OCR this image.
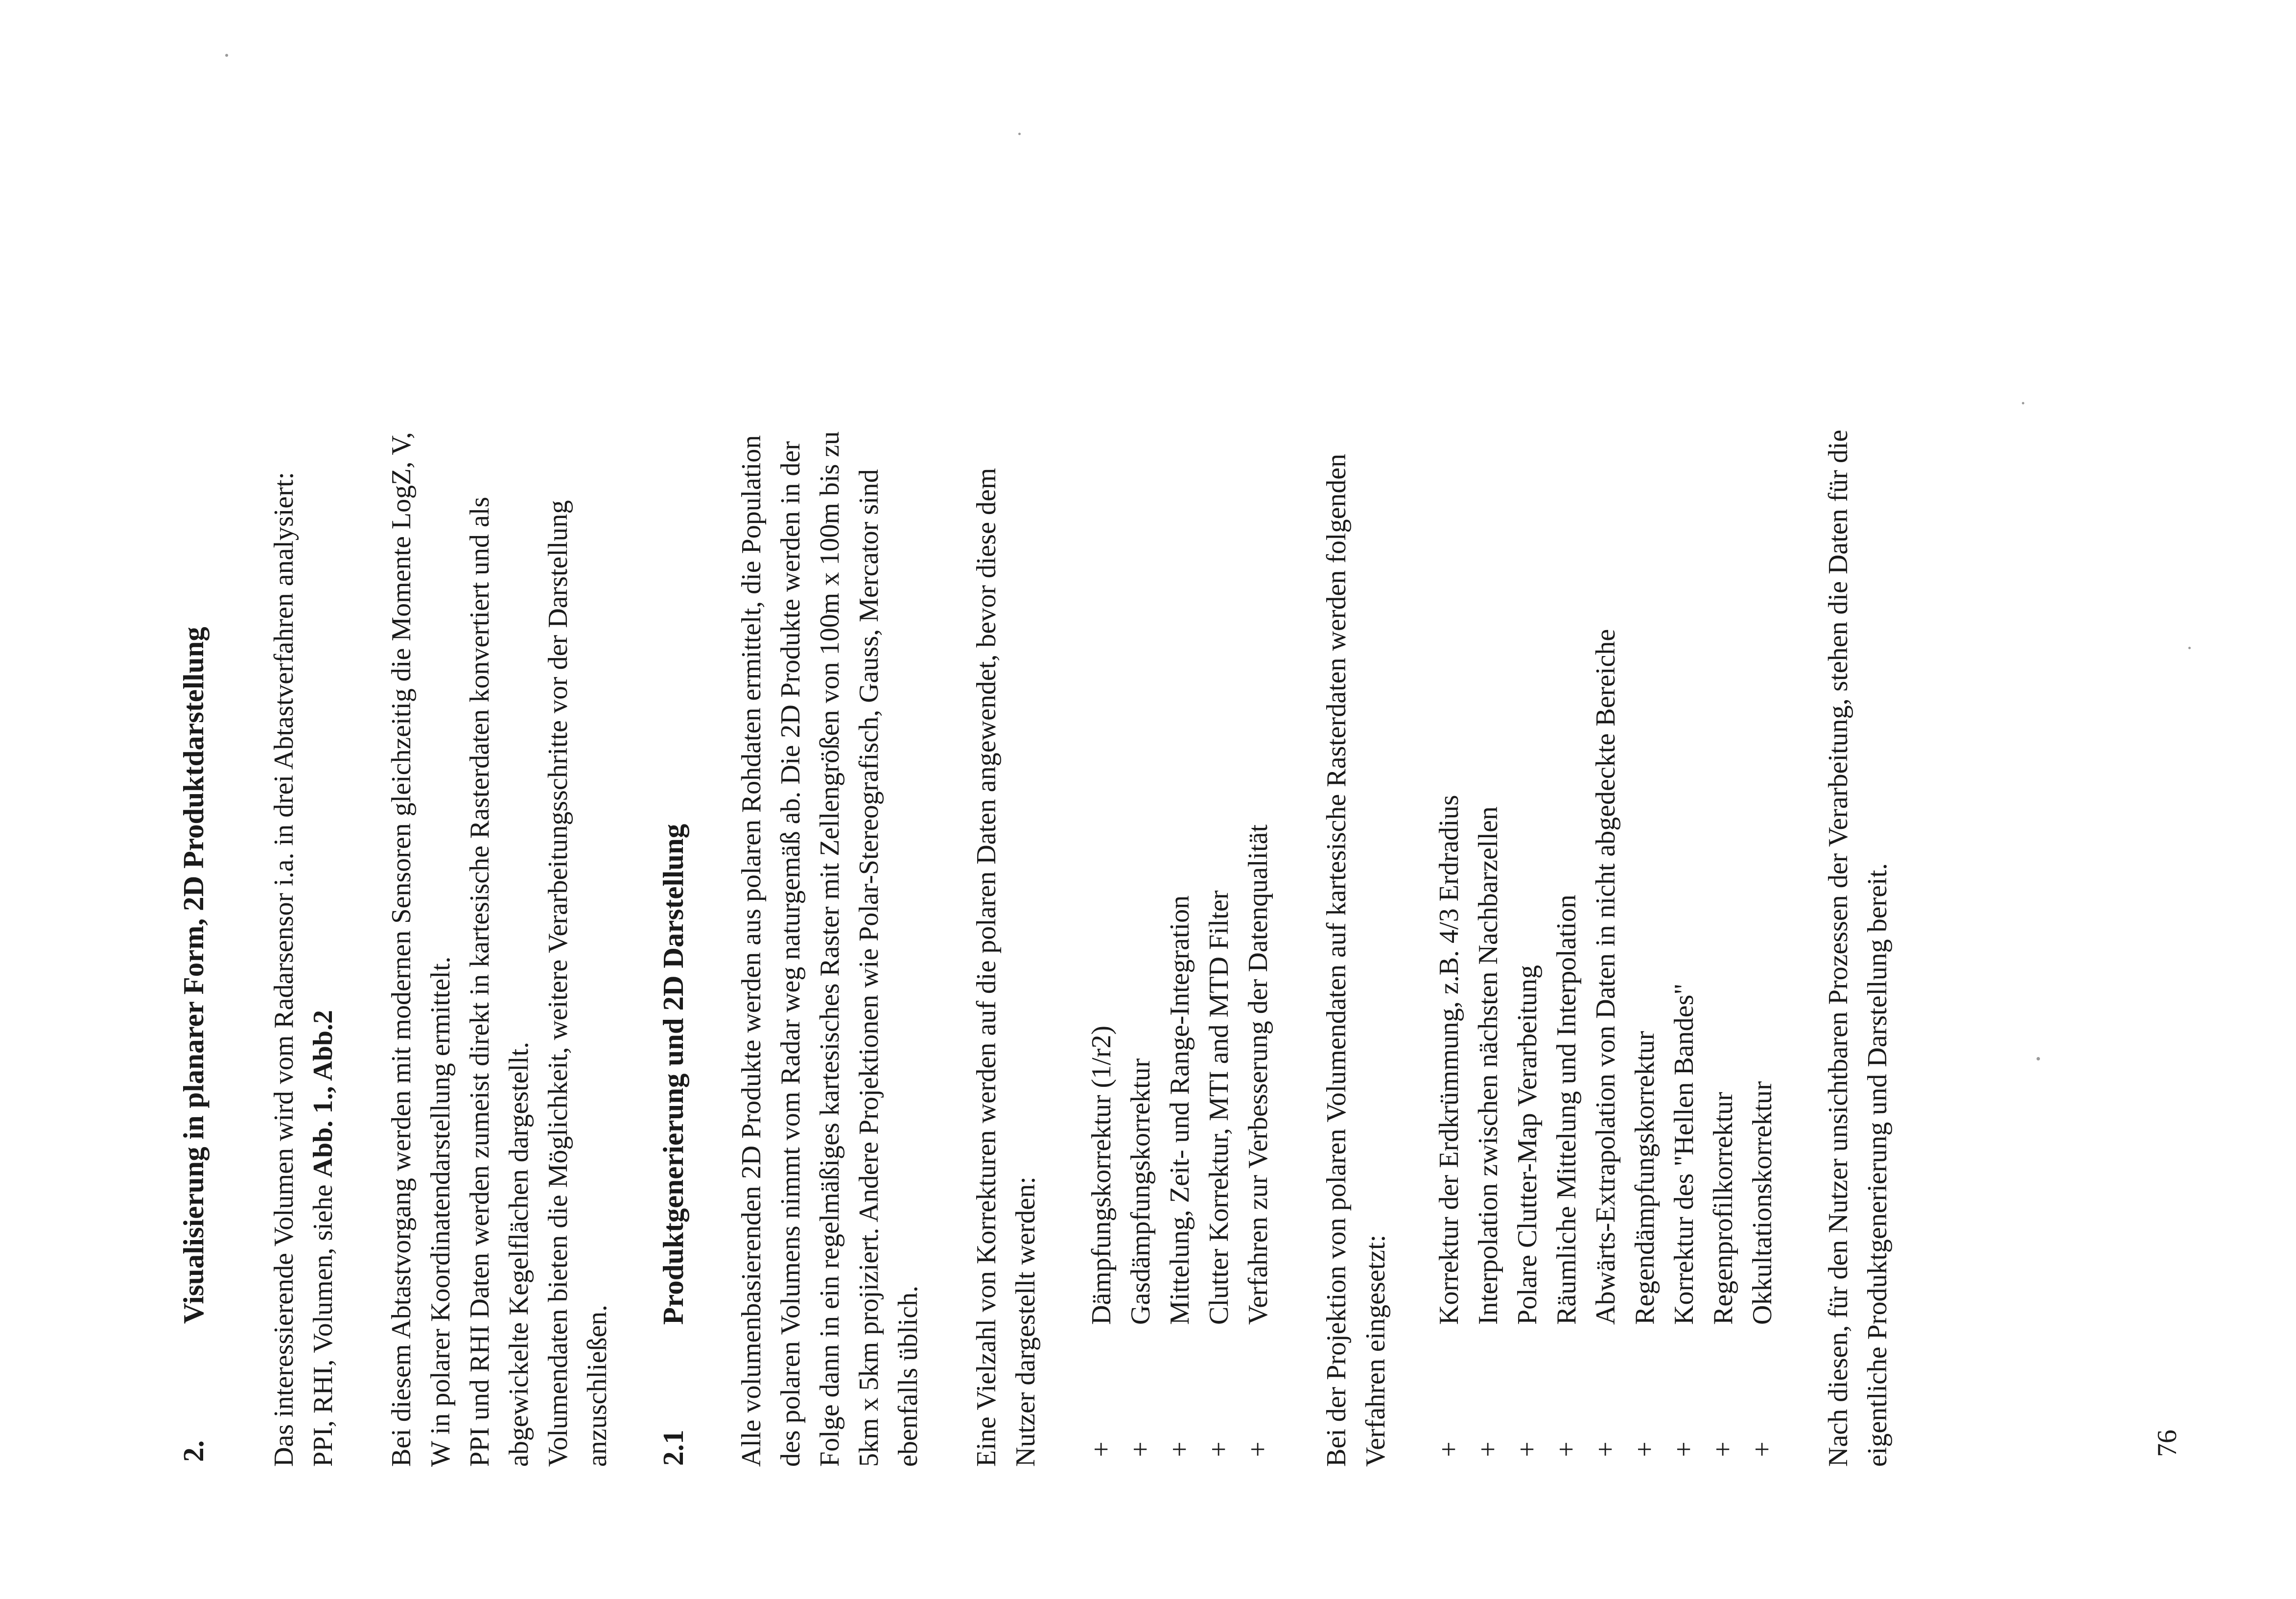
2.
Visualisierung in planarer Form, 2D Produktdarstellung Das interessierende Volumen wird vom Radarsensor i.a. in drei Abtastverfahren analysiert: PPI, RHI, Volumen, siehe Abb. 1., Abb.2 Bei diesem Abtastvorgang werden mit modernen Sensoren gleichzeitig die Momente LogZ, V, W in polarer Koordinatendarstellung ermittelt. PPI und RHI Daten werden zumeist direkt in kartesische Rasterdaten konvertiert und als abgewickelte Kegelflächen dargestellt. Volumendaten bieten die Möglichkeit, weitere Verarbeitungsschritte vor der Darstellung anzuschließen. 2.1
Produktgenerierung und 2D Darstellung Alle volumenbasierenden 2D Produkte werden aus polaren Rohdaten ermittelt, die Population des polaren Volumens nimmt vom Radar weg naturgemäß ab. Die 2D Produkte werden in der Folge dann in ein regelmäßiges kartesisches Raster mit Zellengrößen von 100m x 100m bis zu 5km x 5km projiziert. Andere Projektionen wie Polar-Stereografisch, Gauss, Mercator sind ebenfalls üblich. Eine Vielzahl von Korrekturen werden auf die polaren Daten angewendet, bevor diese dem Nutzer dargestellt werden: +
Dämpfungskorrektur (1/r2)
+
Gasdämpfungskorrektur
+
Mittelung, Zeit- und Range-Integration
+
Clutter Korrektur, MTI and MTD Filter
+
Verfahren zur Verbesserung der Datenqualität Bei der Projektion von polaren Volumendaten auf kartesische Rasterdaten werden folgenden Verfahren eingesetzt: +
Korrektur der Erdkrümmung, z.B. 4/3 Erdradius
+
Interpolation zwischen nächsten Nachbarzellen
+
Polare Clutter-Map Verarbeitung
+
Räumliche Mittelung und Interpolation
+
Abwärts-Extrapolation von Daten in nicht abgedeckte Bereiche
+
Regendämpfungskorrektur
+
Korrektur des "Hellen Bandes"
+
Regenprofilkorrektur
+
Okkultationskorrektur Nach diesen, für den Nutzer unsichtbaren Prozessen der Verarbeitung, stehen die Daten für die eigentliche Produktgenerierung und Darstellung bereit.	76
